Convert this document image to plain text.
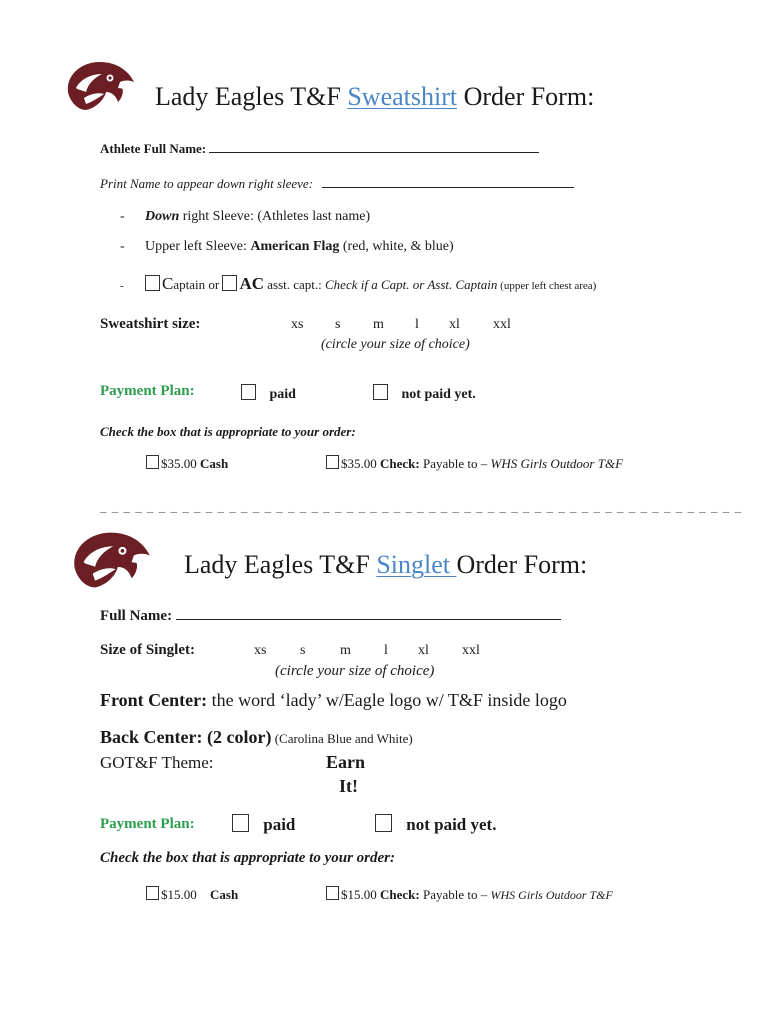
Lady Eagles T&F Sweatshirt Order Form:
Athlete Full Name:
Print Name to appear down right sleeve:
- Down right Sleeve: (Athletes last name)
- Upper left Sleeve: American Flag (red, white, & blue)
- Captain or AC asst. capt.: Check if a Capt. or Asst. Captain (upper left chest area)
Sweatshirt size:	xs s m l xl xxl
(circle your size of choice)
Payment Plan:	paid	not paid yet.
Check the box that is appropriate to your order:
$35.00 Cash	$35.00 Check: Payable to – WHS Girls Outdoor T&F
_ _ _ _ _ _ _ _ _ _ _ _ _ _ _ _ _ _ _ _ _ _ _ _ _ _ _ _ _ _ _ _ _ _ _ _ _ _ _ _ _ _ _ _ _ _ _ _ _ _ _ _ _ _ _
Lady Eagles T&F Singlet Order Form:
Full Name:
Size of Singlet:	xs s m l xl xxl
(circle your size of choice)
Front Center: the word ‘lady’ w/Eagle logo w/ T&F inside logo
Back Center: (2 color) (Carolina Blue and White)
GOT&F Theme:	Earn
It!
Payment Plan:	paid	not paid yet.
Check the box that is appropriate to your order:
$15.00 Cash	$15.00 Check: Payable to – WHS Girls Outdoor T&F
